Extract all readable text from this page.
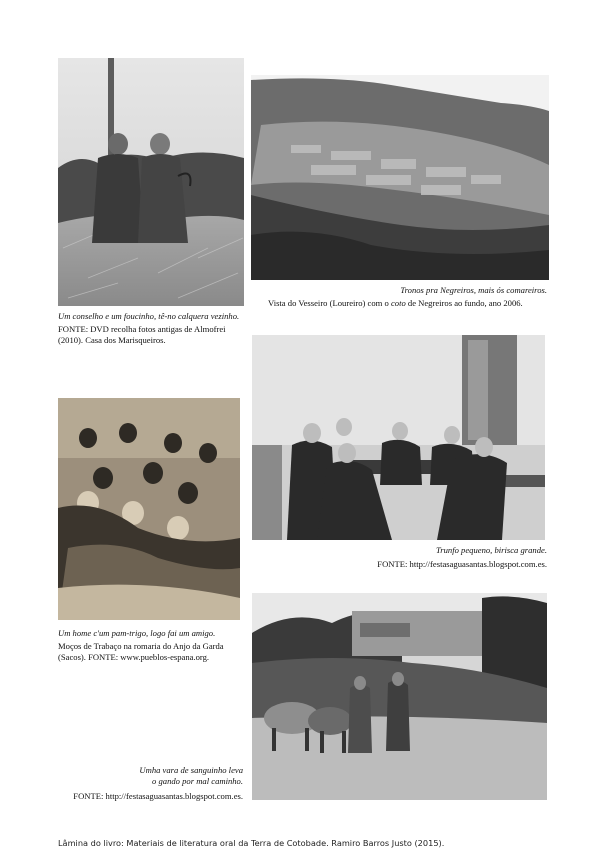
Um conselho e um foucinho, tê-no calquera vezinho.
FONTE: DVD recolha fotos antigas de Almofrei (2010). Casa dos Marisqueiros.
Tronos pra Negreiros, mais ós comareiros.
Vista do Vesseiro (Loureiro) com o coto de Negreiros ao fundo, ano 2006.
Um home c'um pam-trigo, logo fai um amigo.
Moços de Trabaço na romaria do Anjo da Garda (Sacos). FONTE: www.pueblos-espana.org.
Trunfo pequeno, birisca grande.
FONTE: http://festasaguasantas.blogspot.com.es.
Umha vara de sanguinho leva
o gando por mal caminho.
FONTE: http://festasaguasantas.blogspot.com.es.
Lâmina do livro: Materiais de literatura oral da Terra de Cotobade. Ramiro Barros Justo (2015).
